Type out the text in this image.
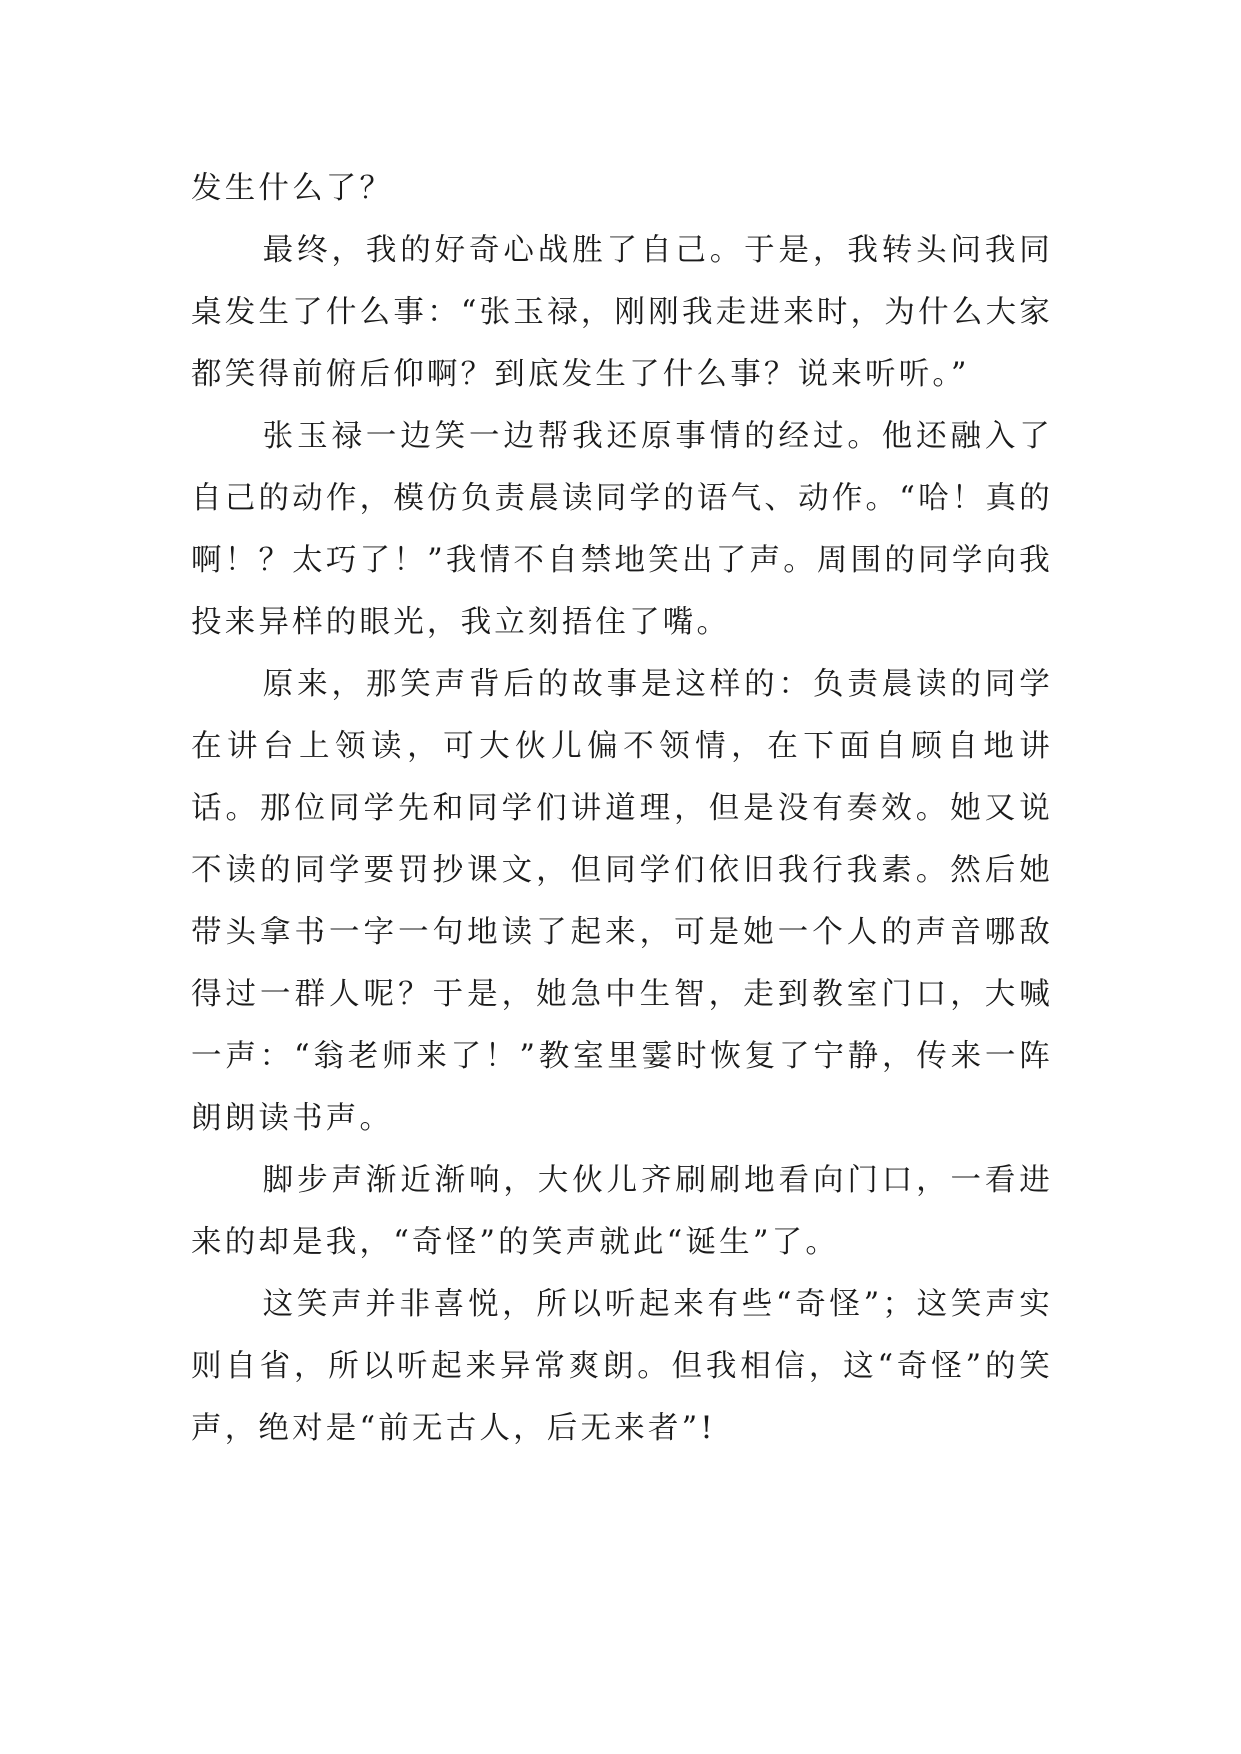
发生什么了？

最终，我的好奇心战胜了自己。于是，我转头问我同桌发生了什么事：“张玉禄，刚刚我走进来时，为什么大家都笑得前俯后仰啊？到底发生了什么事？说来听听。”

张玉禄一边笑一边帮我还原事情的经过。他还融入了自己的动作，模仿负责晨读同学的语气、动作。“哈！真的啊！？太巧了！”我情不自禁地笑出了声。周围的同学向我投来异样的眼光，我立刻捂住了嘴。

原来，那笑声背后的故事是这样的：负责晨读的同学在讲台上领读，可大伙儿偏不领情，在下面自顾自地讲话。那位同学先和同学们讲道理，但是没有奏效。她又说不读的同学要罚抄课文，但同学们依旧我行我素。然后她带头拿书一字一句地读了起来，可是她一个人的声音哪敌得过一群人呢？于是，她急中生智，走到教室门口，大喊一声：“翁老师来了！”教室里霎时恢复了宁静，传来一阵朗朗读书声。

脚步声渐近渐响，大伙儿齐刷刷地看向门口，一看进来的却是我，“奇怪”的笑声就此“诞生”了。

这笑声并非喜悦，所以听起来有些“奇怪”；这笑声实则自省，所以听起来异常爽朗。但我相信，这“奇怪”的笑声，绝对是“前无古人，后无来者”!
